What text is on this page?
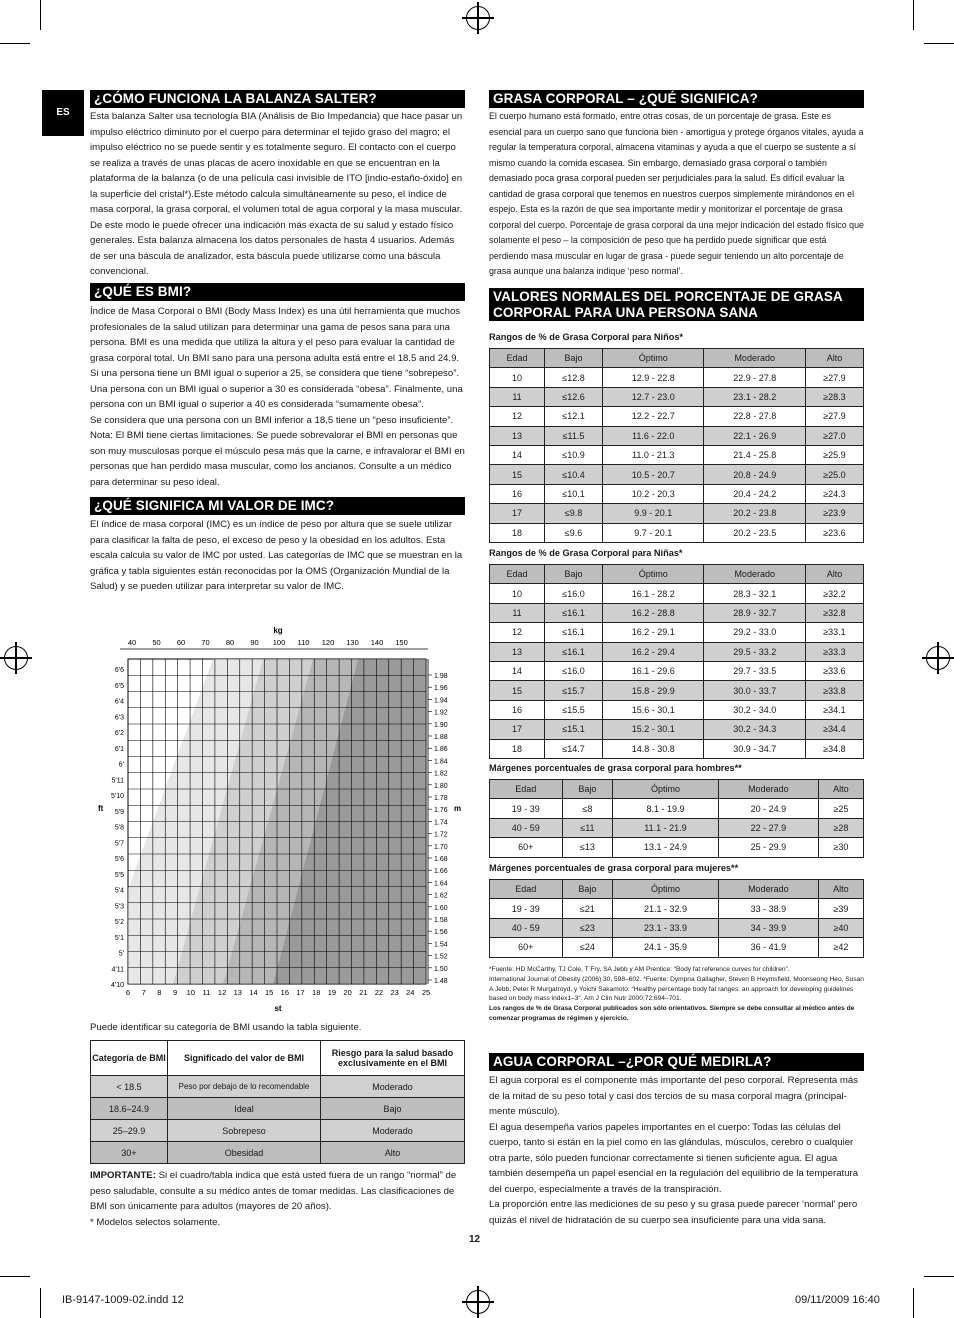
ES
¿CÓMO FUNCIONA LA BALANZA SALTER?

Esta balanza Salter usa tecnología BIA (Análisis de Bio Impedancia) que hace pasar un impulso eléctrico diminuto por el cuerpo para determinar el tejido graso del magro; el impulso eléctrico no se puede sentir y es totalmente seguro. El contacto con el cuerpo se realiza a través de unas placas de acero inoxidable en que se encuentran en la plataforma de la balanza (o de una película casi invisible de ITO [indio-estaño-óxido] en la superficie del cristal*).Este método calcula simultáneamente su peso, el índice de masa corporal, la grasa corporal, el volumen total de agua corporal y la masa muscular. De este modo le puede ofrecer una indicación más exacta de su salud y estado físico generales. Esta balanza almacena los datos personales de hasta 4 usuarios. Además de ser una báscula de analizador, esta báscula puede utilizarse como una báscula convencional.

¿QUÉ ES BMI?

Índice de Masa Corporal o BMI (Body Mass Index) es una útil herramienta que muchos profesionales de la salud utilizan para determinar una gama de pesos sana para una persona. BMI es una medida que utiliza la altura y el peso para evaluar la cantidad de grasa corporal total. Un BMI sano para una persona adulta está entre el 18.5 and 24.9. Si una persona tiene un BMI igual o superior a 25, se considera que tiene “sobrepeso”. Una persona con un BMI igual o superior a 30 es considerada “obesa”. Finalmente, una persona con un BMI igual o superior a 40 es considerada “sumamente obesa”.

Se considera que una persona con un BMI inferior a 18,5 tiene un “peso insuficiente”.

Nota: El BMI tiene ciertas limitaciones. Se puede sobrevalorar el BMI en personas que son muy musculosas porque el músculo pesa más que la carne, e infravalorar el BMI en personas que han perdido masa muscular, como los ancianos. Consulte a un médico para determinar su peso ideal.

¿QUÉ SIGNIFICA MI VALOR DE IMC?

El índice de masa corporal (IMC) es un índice de peso por altura que se suele utilizar para clasificar la falta de peso, el exceso de peso y la obesidad en los adultos. Esta escala calcula su valor de IMC por usted. Las categorías de IMC que se muestran en la gráfica y tabla siguientes están reconocidas por la OMS (Organización Mundial de la Salud) y se pueden utilizar para interpretar su valor de IMC.

40 50 60 70 80 90 100 110 120 130 140 150
kg
6 7 8 9 10 11 12 13 14 15 16 17 18 19 20 21 22 23 24 25
st
6'6
6'5
6'4
6'3
6'2
6'1
6'
5'11
5'10
5'9
5'8
5'7
5'6
5'5
5'4
5'3
5'2
5'1
5'
4'11
4'10
ft
1.98
1.96
1.94
1.92
1.90
1.88
1.86
1.84
1.82
1.80
1.78
1.76
1.74
1.72
1.70
1.68
1.66
1.64
1.62
1.60
1.58
1.56
1.54
1.52
1.50
1.48
m
Puede identificar su categoría de BMI usando la tabla siguiente.
Categoría de BMI	Significado del valor de BMI	Riesgo para la salud basado exclusivamente en el BMI
< 18.5	Peso por debajo de lo recomendable	Moderado
18.6–24.9	Ideal	Bajo
25–29.9	Sobrepeso	Moderado
30+	Obesidad	Alto

IMPORTANTE: Si el cuadro/tabla indica que está usted fuera de un rango “normal” de peso saludable, consulte a su médico antes de tomar medidas. Las clasificaciones de BMI son únicamente para adultos (mayores de 20 años).

* Modelos selectos solamente.

GRASA CORPORAL – ¿QUÉ SIGNIFICA?

El cuerpo humano está formado, entre otras cosas, de un porcentaje de grasa. Este es esencial para un cuerpo sano que funciona bien - amortigua y protege órganos vitales, ayuda a regular la temperatura corporal, almacena vitaminas y ayuda a que el cuerpo se sustente a sí mismo cuando la comida escasea. Sin embargo, demasiado grasa corporal o también demasiado poca grasa corporal pueden ser perjudiciales para la salud. Es difícil evaluar la cantidad de grasa corporal que tenemos en nuestros cuerpos simplemente mirándonos en el espejo. Esta es la razón de que sea importante medir y monitorizar el porcentaje de grasa corporal del cuerpo. Porcentaje de grasa corporal da una mejor indicación del estado físico que solamente el peso – la composición de peso que ha perdido puede significar que está perdiendo masa muscular en lugar de grasa - puede seguir teniendo un alto porcentaje de grasa aunque una balanza indique ‘peso normal’.

VALORES NORMALES DEL PORCENTAJE DE GRASA CORPORAL PARA UNA PERSONA SANA
Rangos de % de Grasa Corporal para Niños*
Edad	Bajo	Óptimo	Moderado	Alto
10	≤12.8	12.9 - 22.8	22.9 - 27.8	≥27.9
11	≤12.6	12.7 - 23.0	23.1 - 28.2	≥28.3
12	≤12.1	12.2 - 22.7	22.8 - 27.8	≥27.9
13	≤11.5	11.6 - 22.0	22.1 - 26.9	≥27.0
14	≤10.9	11.0 - 21.3	21.4 - 25.8	≥25.9
15	≤10.4	10.5 - 20.7	20.8 - 24.9	≥25.0
16	≤10.1	10.2 - 20.3	20.4 - 24.2	≥24.3
17	≤9.8	9.9 - 20.1	20.2 - 23.8	≥23.9
18	≤9.6	9.7 - 20.1	20.2 - 23.5	≥23.6
Rangos de % de Grasa Corporal para Niñas*
Edad	Bajo	Óptimo	Moderado	Alto
10	≤16.0	16.1 - 28.2	28.3 - 32.1	≥32.2
11	≤16.1	16.2 - 28.8	28.9 - 32.7	≥32.8
12	≤16.1	16.2 - 29.1	29.2 - 33.0	≥33.1
13	≤16.1	16.2 - 29.4	29.5 - 33.2	≥33.3
14	≤16.0	16.1 - 29.6	29.7 - 33.5	≥33.6
15	≤15.7	15.8 - 29.9	30.0 - 33.7	≥33.8
16	≤15.5	15.6 - 30.1	30.2 - 34.0	≥34.1
17	≤15.1	15.2 - 30.1	30.2 - 34.3	≥34.4
18	≤14.7	14.8 - 30.8	30.9 - 34.7	≥34.8
Márgenes porcentuales de grasa corporal para hombres**
Edad	Bajo	Óptimo	Moderado	Alto
19 - 39	≤8	8.1 - 19.9	20 - 24.9	≥25
40 - 59	≤11	11.1 - 21.9	22 - 27.9	≥28
60+	≤13	13.1 - 24.9	25 - 29.9	≥30
Márgenes porcentuales de grasa corporal para mujeres**
Edad	Bajo	Óptimo	Moderado	Alto
19 - 39	≤21	21.1 - 32.9	33 - 38.9	≥39
40 - 59	≤23	23.1 - 33.9	34 - 39.9	≥40
60+	≤24	24.1 - 35.9	36 - 41.9	≥42
*Fuente: HD McCarthy, TJ Cole, T Fry, SA Jebb y AM Prentice: “Body fat reference curves for children”.
International Journal of Obesity (2006) 30, 598–602. *Fuente: Dympna Gallagher, Steven B Heymsfield, Moonseong Heo, Susan A Jebb, Peter R Murgatroyd, y Yoichi Sakamoto: “Healthy percentage body fat ranges: an approach for developing guidelines based on body mass index1–3”. Am J Clin Nutr 2000;72:694–701.
Los rangos de % de Grasa Corporal publicados son sólo orientativos. Siempre se debe consultar al médico antes de comenzar programas de régimen y ejercicio.
AGUA CORPORAL –¿POR QUÉ MEDIRLA?

El agua corporal es el componente más importante del peso corporal. Representa más de la mitad de su peso total y casi dos tercios de su masa corporal magra (principal- mente músculo).

El agua desempeña varios papeles importantes en el cuerpo: Todas las células del cuerpo, tanto si están en la piel como en las glándulas, músculos, cerebro o cualquier otra parte, sólo pueden funcionar correctamente si tienen suficiente agua. El agua también desempeña un papel esencial en la regulación del equilibrio de la temperatura del cuerpo, especialmente a través de la transpiración.

La proporción entre las mediciones de su peso y su grasa puede parecer ‘normal’ pero quizás el nivel de hidratación de su cuerpo sea insuficiente para una vida sana.

12
IB-9147-1009-02.indd 12	09/11/2009 16:40
